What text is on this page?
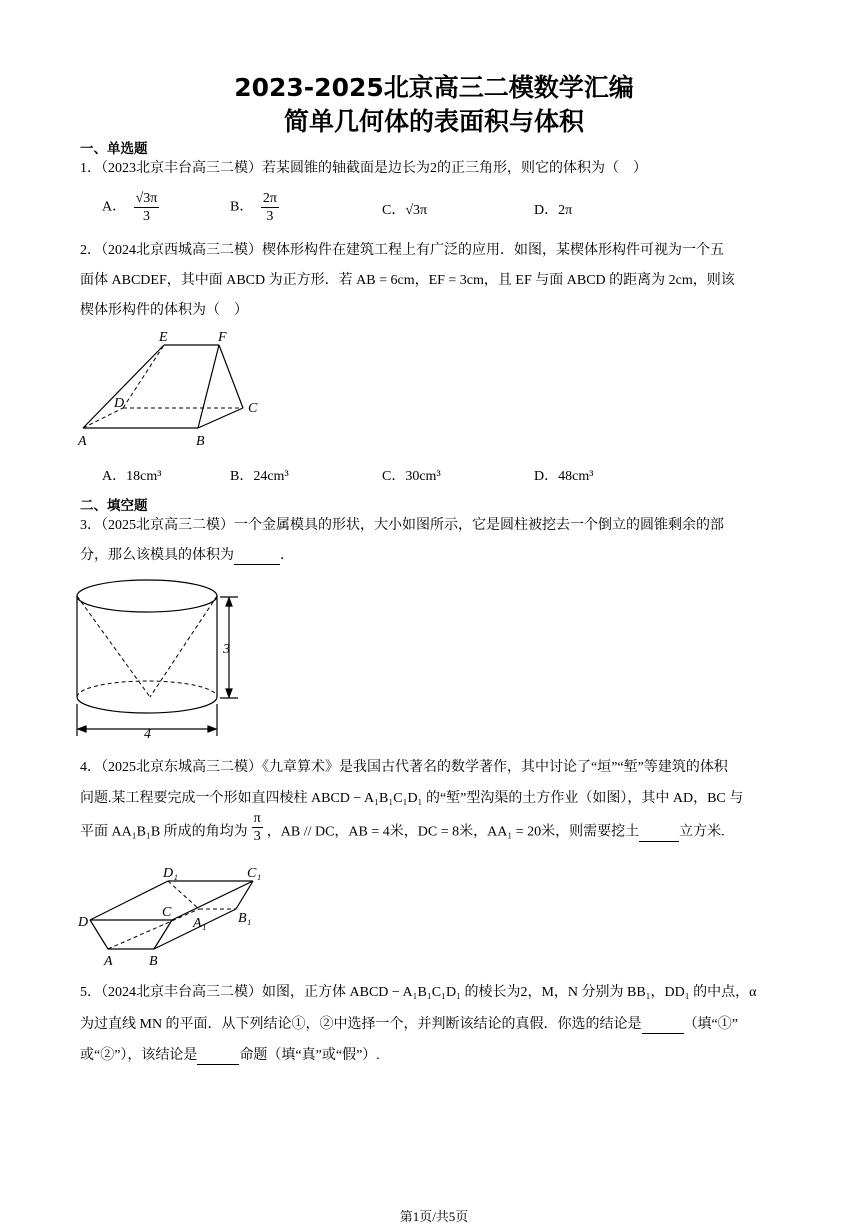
2023-2025北京高三二模数学汇编
简单几何体的表面积与体积
一、单选题
1．（2023北京丰台高三二模）若某圆锥的轴截面是边长为2的正三角形，则它的体积为（　）
A． $\frac{√3\pi}{3}$	B． $\frac{2\pi}{3}$	C．√3π	D．2π
2．（2024北京西城高三二模）楔体形构件在建筑工程上有广泛的应用．如图，某楔体形构件可视为一个五
面体 ABCDEF，其中面 ABCD 为正方形．若 AB = 6cm，EF = 3cm，且 EF 与面 ABCD 的距离为 2cm，则该
楔体形构件的体积为（　）
E	F
D	C
A	B
A．18cm³	B．24cm³	C．30cm³	D．48cm³
二、填空题
3．（2025北京高三二模）一个金属模具的形状，大小如图所示，它是圆柱被挖去一个倒立的圆锥剩余的部
分，那么该模具的体积为	．
3
4
4．（2025北京东城高三二模）《九章算术》是我国古代著名的数学著作，其中讨论了“垣”“堑”等建筑的体积
问题.某工程要完成一个形如直四棱柱 ABCD − A₁B₁C₁D₁ 的“堑”型沟渠的土方作业（如图），其中 AD，BC 与
平面 AA₁B₁B 所成的角均为 $\frac{\pi}{3}$ ，AB // DC，AB = 4米，DC = 8米，AA₁ = 20米，则需要挖土	立方米.
D₁	C₁
D
C
A₁ B₁
A	B
5．（2024北京丰台高三二模）如图，正方体 ABCD − A₁B₁C₁D₁ 的棱长为2，M，N 分别为 BB₁，DD₁ 的中点，α
为过直线 MN 的平面．从下列结论①，②中选择一个，并判断该结论的真假．你选的结论是	（填“①”
或“②”），该结论是	命题（填“真”或“假”）.
第1页/共5页
